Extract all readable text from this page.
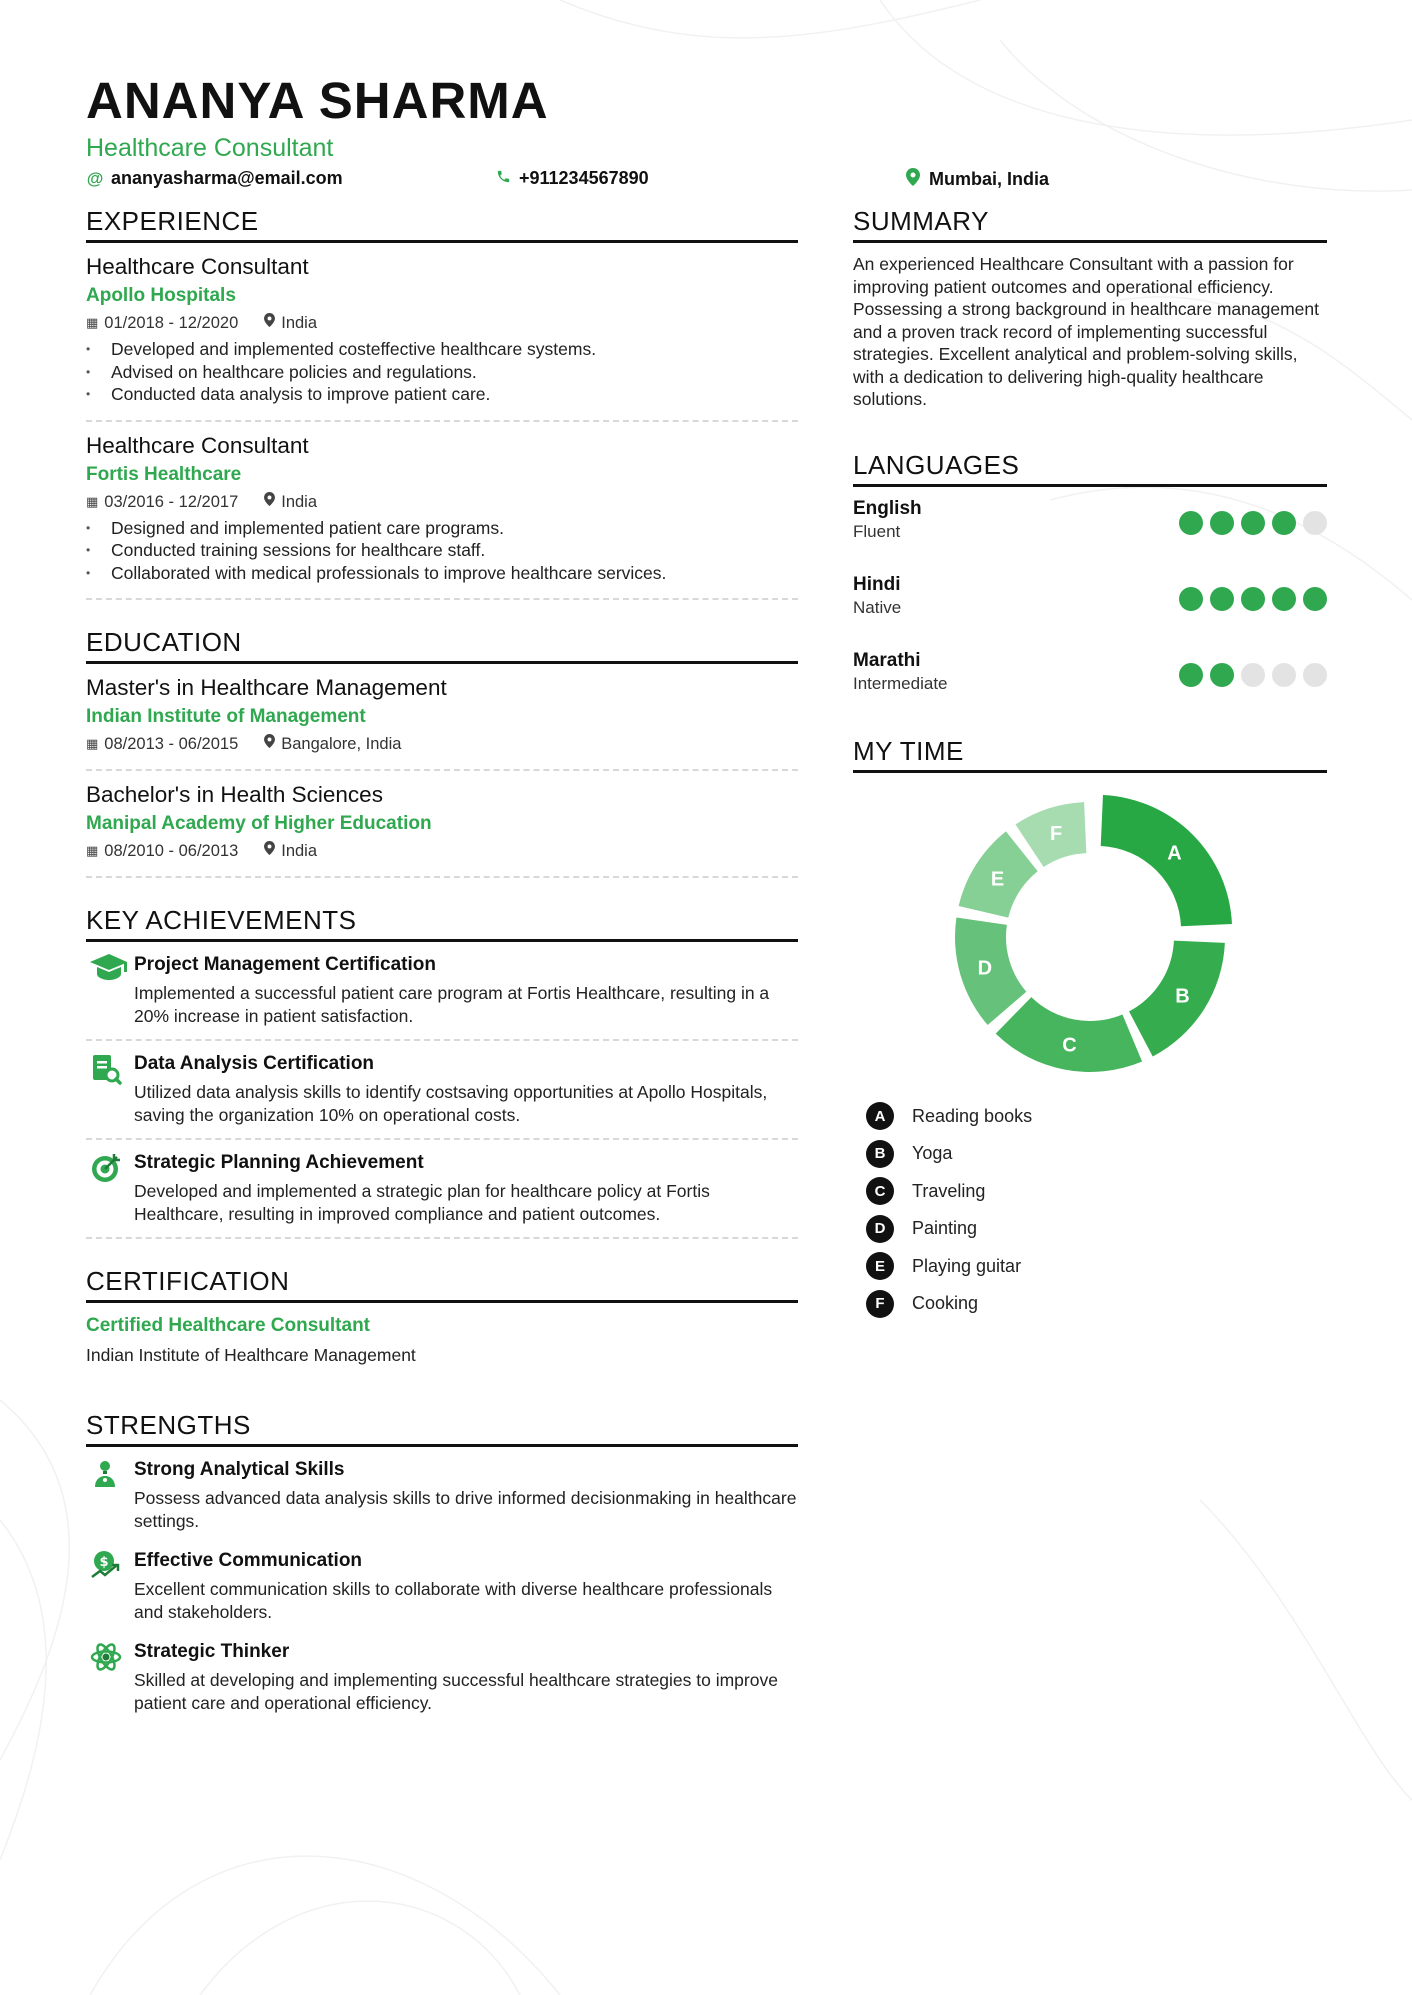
ANANYA SHARMA
Healthcare Consultant
@ ananyasharma@email.com	+911234567890	Mumbai, India
EXPERIENCE
Healthcare Consultant
Apollo Hospitals
▦ 01/2018 - 12/2020	India
• Developed and implemented costeffective healthcare systems.
• Advised on healthcare policies and regulations.
• Conducted data analysis to improve patient care.
Healthcare Consultant
Fortis Healthcare
▦ 03/2016 - 12/2017	India
• Designed and implemented patient care programs.
• Conducted training sessions for healthcare staff.
• Collaborated with medical professionals to improve healthcare services.
EDUCATION
Master's in Healthcare Management
Indian Institute of Management
▦ 08/2013 - 06/2015	Bangalore, India
Bachelor's in Health Sciences
Manipal Academy of Higher Education
▦ 08/2010 - 06/2013	India
KEY ACHIEVEMENTS
Project Management Certification
Implemented a successful patient care program at Fortis Healthcare, resulting in a 20% increase in patient satisfaction.
Data Analysis Certification
Utilized data analysis skills to identify costsaving opportunities at Apollo Hospitals, saving the organization 10% on operational costs.
Strategic Planning Achievement
Developed and implemented a strategic plan for healthcare policy at Fortis Healthcare, resulting in improved compliance and patient outcomes.
CERTIFICATION
Certified Healthcare Consultant
Indian Institute of Healthcare Management
STRENGTHS
Strong Analytical Skills
Possess advanced data analysis skills to drive informed decisionmaking in healthcare settings.
$ Effective Communication
Excellent communication skills to collaborate with diverse healthcare professionals and stakeholders.
Strategic Thinker
Skilled at developing and implementing successful healthcare strategies to improve patient care and operational efficiency.
SUMMARY
An experienced Healthcare Consultant with a passion for improving patient outcomes and operational efficiency. Possessing a strong background in healthcare management and a proven track record of implementing successful strategies. Excellent analytical and problem-solving skills, with a dedication to delivering high-quality healthcare solutions.
LANGUAGES
English
Fluent
Hindi
Native
Marathi
Intermediate
MY TIME
A
B
C
D
E
F
A	Reading books
B	Yoga
C	Traveling
D	Painting
E	Playing guitar
F	Cooking
